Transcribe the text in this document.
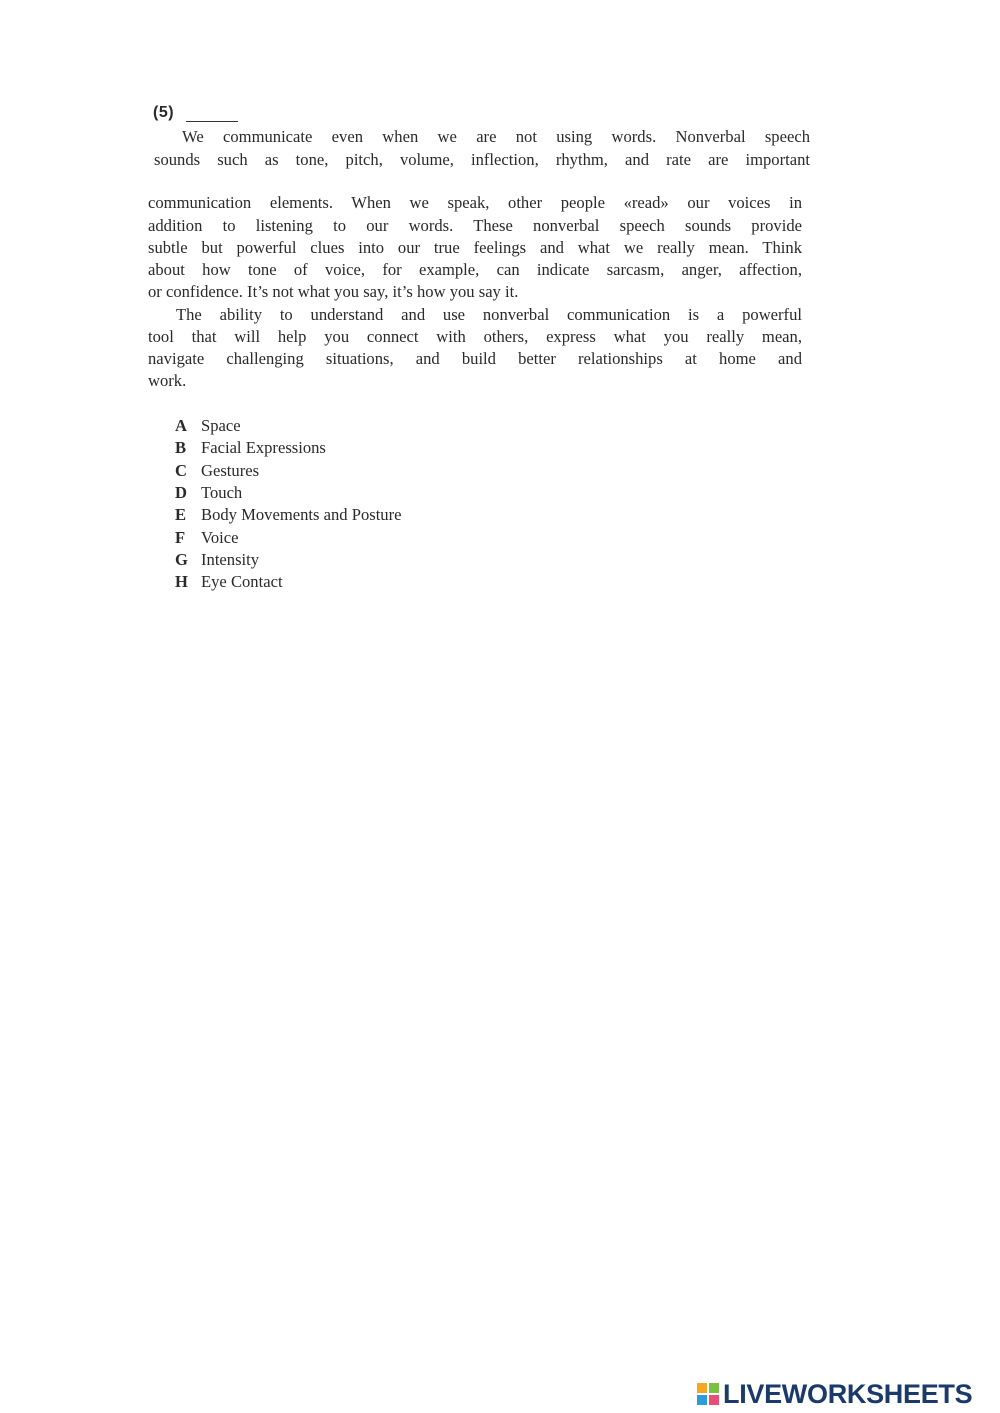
(5)
We communicate even when we are not using words. Nonverbal speech
sounds such as tone, pitch, volume, inflection, rhythm, and rate are important
communication elements. When we speak, other people «read» our voices in
addition to listening to our words. These nonverbal speech sounds provide
subtle but powerful clues into our true feelings and what we really mean. Think
about how tone of voice, for example, can indicate sarcasm, anger, affection,
or confidence. It’s not what you say, it’s how you say it.
The ability to understand and use nonverbal communication is a powerful
tool that will help you connect with others, express what you really mean,
navigate challenging situations, and build better relationships at home and
work.
A Space
B Facial Expressions
C Gestures
D Touch
E Body Movements and Posture
F Voice
G Intensity
H Eye Contact
LIVEWORKSHEETS
